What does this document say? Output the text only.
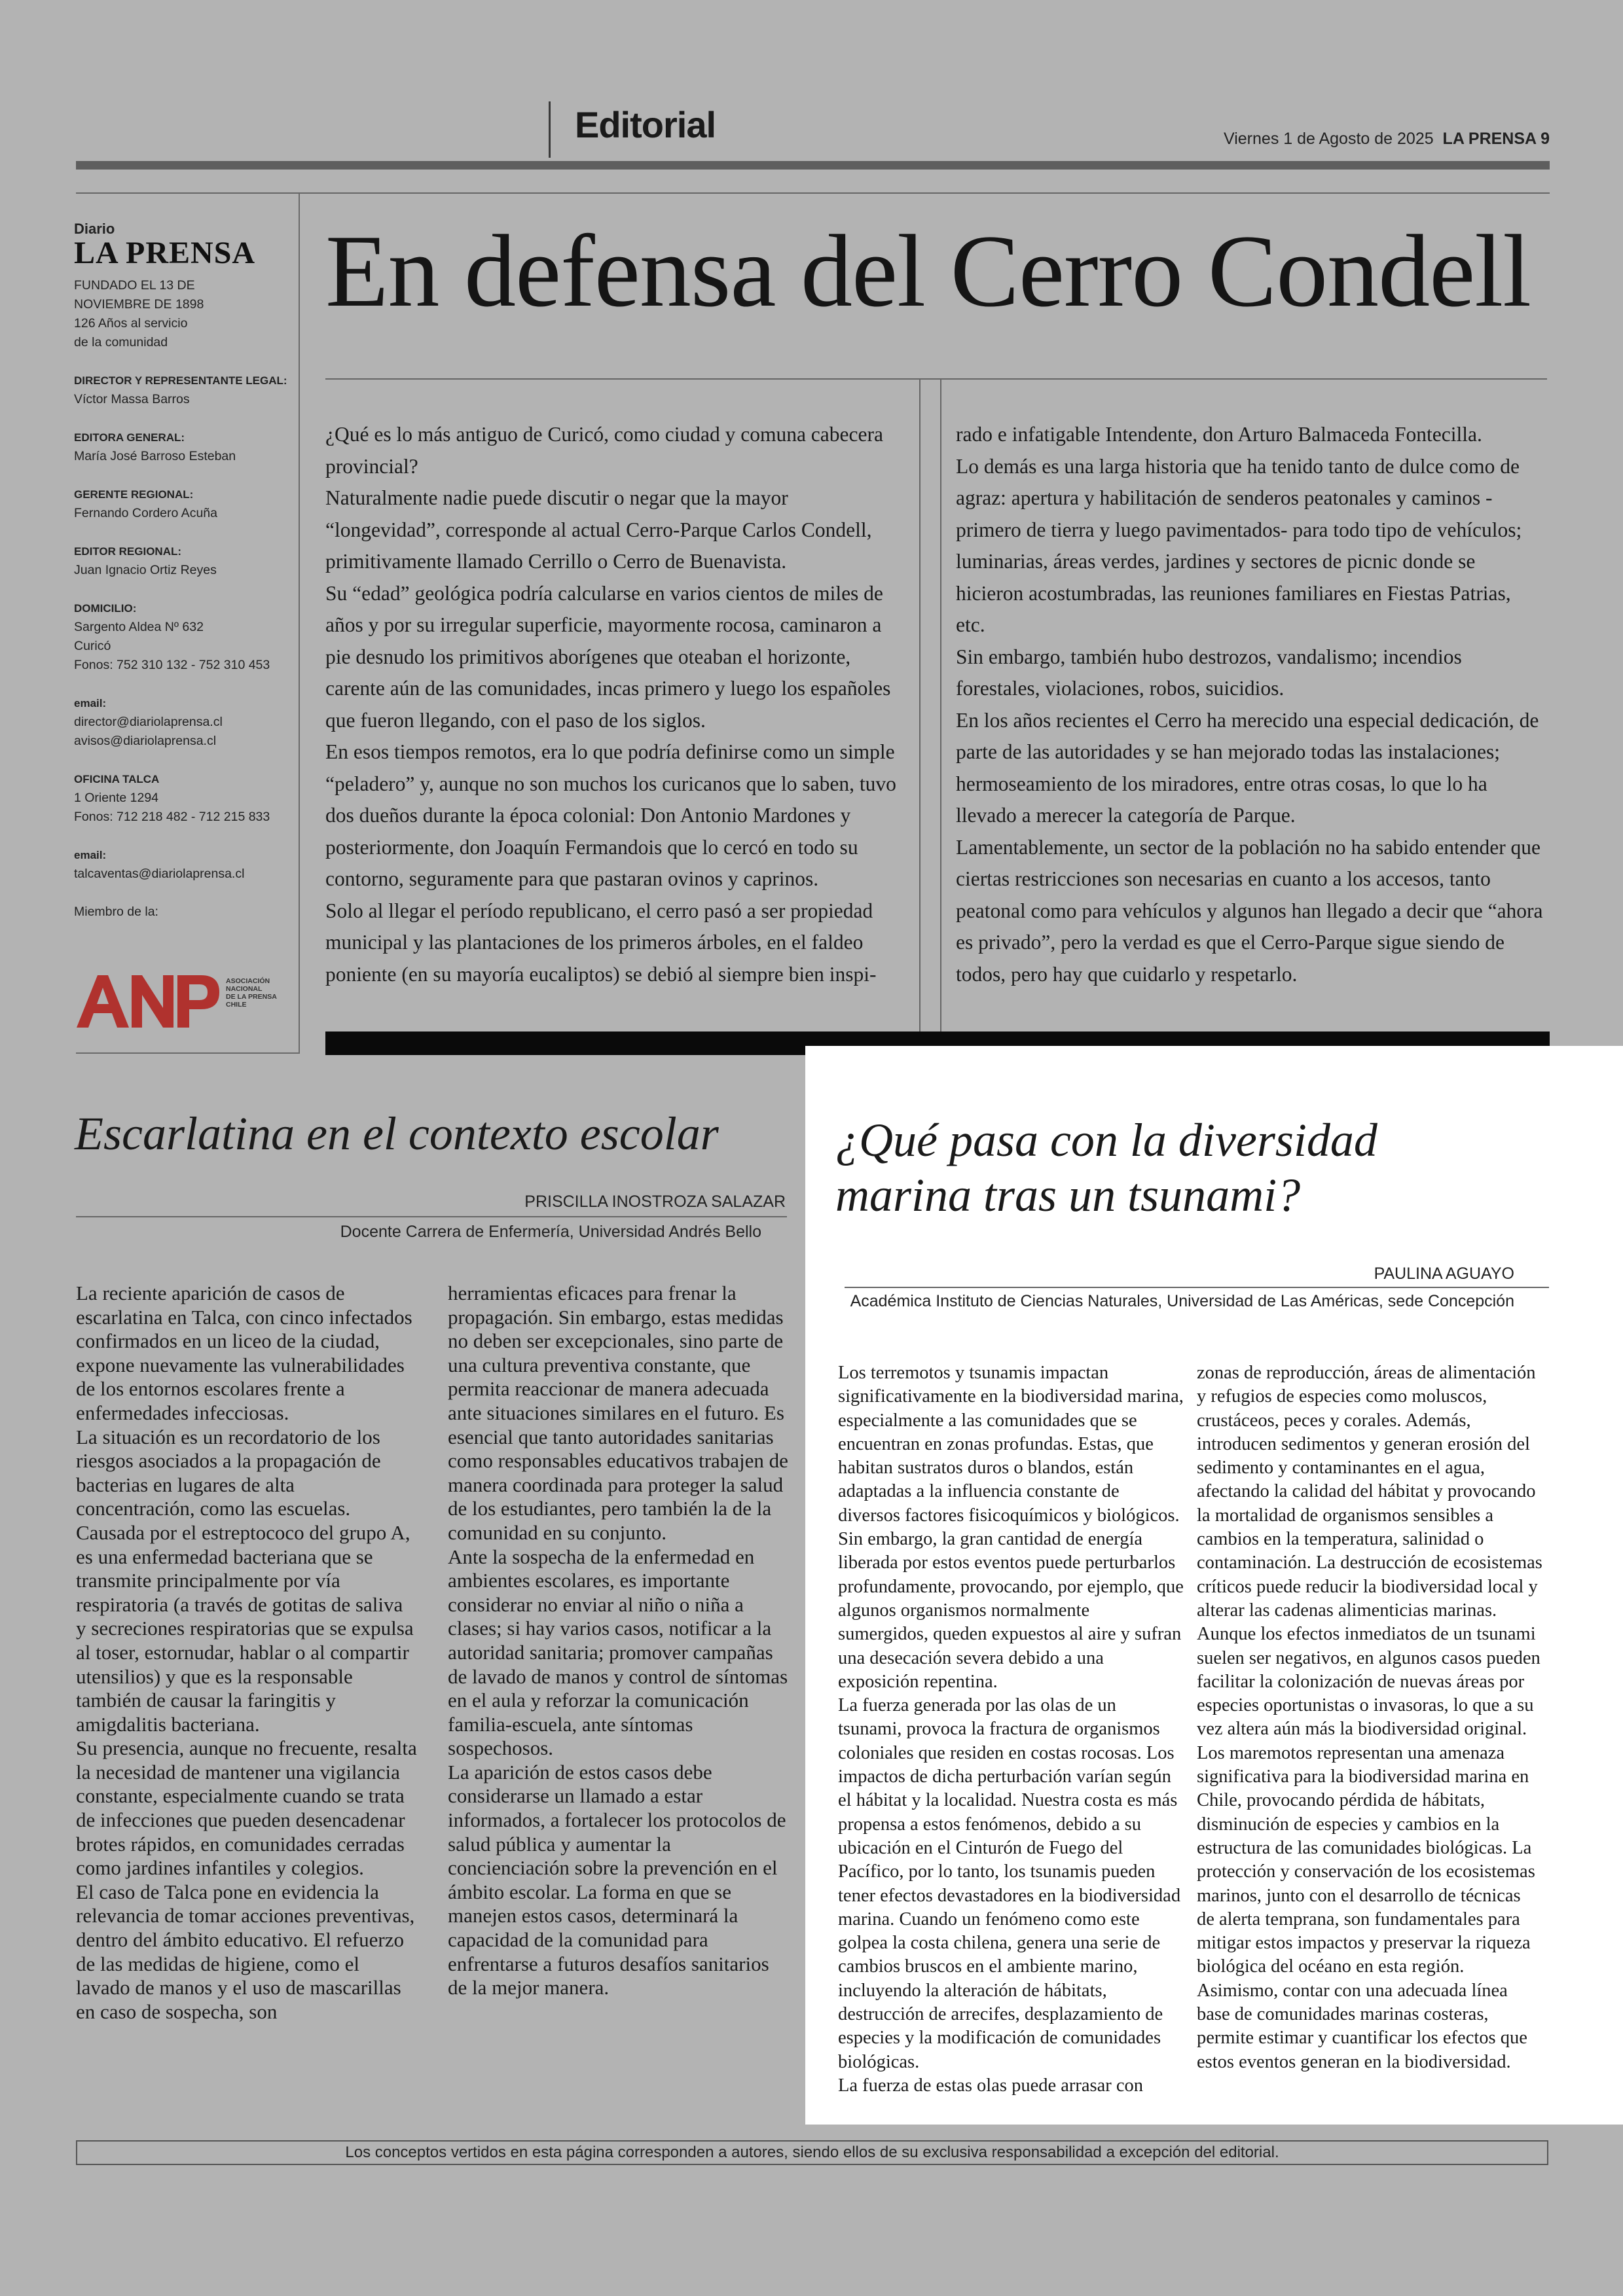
Editorial	Viernes 1 de Agosto de 2025 LA PRENSA 9
Diario
LA PRENSA
FUNDADO EL 13 DE
NOVIEMBRE DE 1898
126 Años al servicio
de la comunidad
DIRECTOR Y REPRESENTANTE LEGAL:
Víctor Massa Barros
EDITORA GENERAL:
María José Barroso Esteban
GERENTE REGIONAL:
Fernando Cordero Acuña
EDITOR REGIONAL:
Juan Ignacio Ortiz Reyes
DOMICILIO:
Sargento Aldea Nº 632
Curicó
Fonos: 752 310 132 - 752 310 453
email:
director@diariolaprensa.cl
avisos@diariolaprensa.cl
OFICINA TALCA
1 Oriente 1294
Fonos: 712 218 482 - 712 215 833
email:
talcaventas@diariolaprensa.cl
Miembro de la:
ASOCIACIÓN
NACIONAL
DE LA PRENSA
CHILE
En defensa del Cerro Condell

¿Qué es lo más antiguo de Curicó, como ciudad y comuna cabecera provincial?

Naturalmente nadie puede discutir o negar que la mayor “longevidad”, corresponde al actual Cerro-Parque Carlos Condell, primitivamente llamado Cerrillo o Cerro de Buenavista.

Su “edad” geológica podría calcularse en varios cientos de miles de años y por su irregular superficie, mayormente rocosa, caminaron a pie desnudo los primitivos aborígenes que oteaban el horizonte, carente aún de las comunidades, incas primero y luego los españoles que fueron llegando, con el paso de los siglos.

En esos tiempos remotos, era lo que podría definirse como un simple “peladero” y, aunque no son muchos los curicanos que lo saben, tuvo dos dueños durante la época colonial: Don Antonio Mardones y posteriormente, don Joaquín Fermandois que lo cercó en todo su contorno, seguramente para que pastaran ovinos y caprinos.

Solo al llegar el período republicano, el cerro pasó a ser propiedad municipal y las plantaciones de los primeros árboles, en el faldeo poniente (en su mayoría eucaliptos) se debió al siempre bien inspi-

rado e infatigable Intendente, don Arturo Balmaceda Fontecilla.

Lo demás es una larga historia que ha tenido tanto de dulce como de agraz: apertura y habilitación de senderos peatonales y caminos -primero de tierra y luego pavimentados- para todo tipo de vehículos; luminarias, áreas verdes, jardines y sectores de picnic donde se hicieron acostumbradas, las reuniones familiares en Fiestas Patrias, etc.

Sin embargo, también hubo destrozos, vandalismo; incendios forestales, violaciones, robos, suicidios.

En los años recientes el Cerro ha merecido una especial dedicación, de parte de las autoridades y se han mejorado todas las instalaciones; hermoseamiento de los miradores, entre otras cosas, lo que lo ha llevado a merecer la categoría de Parque.

Lamentablemente, un sector de la población no ha sabido entender que ciertas restricciones son necesarias en cuanto a los accesos, tanto peatonal como para vehículos y algunos han llegado a decir que “ahora es privado”, pero la verdad es que el Cerro-Parque sigue siendo de todos, pero hay que cuidarlo y respetarlo.

Escarlatina en el contexto escolar
PRISCILLA INOSTROZA SALAZAR
Docente Carrera de Enfermería, Universidad Andrés Bello

La reciente aparición de casos de escarlatina en Talca, con cinco infectados confirmados en un liceo de la ciudad, expone nuevamente las vulnerabilidades de los entornos escolares frente a enfermedades infecciosas.

La situación es un recordatorio de los riesgos asociados a la propagación de bacterias en lugares de alta concentración, como las escuelas.

Causada por el estreptococo del grupo A, es una enfermedad bacteriana que se transmite principalmente por vía respiratoria (a través de gotitas de saliva y secreciones respiratorias que se expulsa al toser, estornudar, hablar o al compartir utensilios) y que es la responsable también de causar la faringitis y amigdalitis bacteriana.

Su presencia, aunque no frecuente, resalta la necesidad de mantener una vigilancia constante, especialmente cuando se trata de infecciones que pueden desencadenar brotes rápidos, en comunidades cerradas como jardines infantiles y colegios.

El caso de Talca pone en evidencia la relevancia de tomar acciones preventivas, dentro del ámbito educativo. El refuerzo de las medidas de higiene, como el lavado de manos y el uso de mascarillas en caso de sospecha, son

herramientas eficaces para frenar la propagación. Sin embargo, estas medidas no deben ser excepcionales, sino parte de una cultura preventiva constante, que permita reaccionar de manera adecuada ante situaciones similares en el futuro. Es esencial que tanto autoridades sanitarias como responsables educativos trabajen de manera coordinada para proteger la salud de los estudiantes, pero también la de la comunidad en su conjunto.

Ante la sospecha de la enfermedad en ambientes escolares, es importante considerar no enviar al niño o niña a clases; si hay varios casos, notificar a la autoridad sanitaria; promover campañas de lavado de manos y control de síntomas en el aula y reforzar la comunicación familia-escuela, ante síntomas sospechosos.

La aparición de estos casos debe considerarse un llamado a estar informados, a fortalecer los protocolos de salud pública y aumentar la concienciación sobre la prevención en el ámbito escolar. La forma en que se manejen estos casos, determinará la capacidad de la comunidad para enfrentarse a futuros desafíos sanitarios de la mejor manera.

¿Qué pasa con la diversidad marina tras un tsunami?
PAULINA AGUAYO
Académica Instituto de Ciencias Naturales, Universidad de Las Américas, sede Concepción

Los terremotos y tsunamis impactan significativamente en la biodiversidad marina, especialmente a las comunidades que se encuentran en zonas profundas. Estas, que habitan sustratos duros o blandos, están adaptadas a la influencia constante de diversos factores fisicoquímicos y biológicos. Sin embargo, la gran cantidad de energía liberada por estos eventos puede perturbarlos profundamente, provocando, por ejemplo, que algunos organismos normalmente sumergidos, queden expuestos al aire y sufran una desecación severa debido a una exposición repentina.

La fuerza generada por las olas de un tsunami, provoca la fractura de organismos coloniales que residen en costas rocosas. Los impactos de dicha perturbación varían según el hábitat y la localidad. Nuestra costa es más propensa a estos fenómenos, debido a su ubicación en el Cinturón de Fuego del Pacífico, por lo tanto, los tsunamis pueden tener efectos devastadores en la biodiversidad marina. Cuando un fenómeno como este golpea la costa chilena, genera una serie de cambios bruscos en el ambiente marino, incluyendo la alteración de hábitats, destrucción de arrecifes, desplazamiento de especies y la modificación de comunidades biológicas.

La fuerza de estas olas puede arrasar con

zonas de reproducción, áreas de alimentación y refugios de especies como moluscos, crustáceos, peces y corales. Además, introducen sedimentos y generan erosión del sedimento y contaminantes en el agua, afectando la calidad del hábitat y provocando la mortalidad de organismos sensibles a cambios en la temperatura, salinidad o contaminación. La destrucción de ecosistemas críticos puede reducir la biodiversidad local y alterar las cadenas alimenticias marinas.

Aunque los efectos inmediatos de un tsunami suelen ser negativos, en algunos casos pueden facilitar la colonización de nuevas áreas por especies oportunistas o invasoras, lo que a su vez altera aún más la biodiversidad original.

Los maremotos representan una amenaza significativa para la biodiversidad marina en Chile, provocando pérdida de hábitats, disminución de especies y cambios en la estructura de las comunidades biológicas. La protección y conservación de los ecosistemas marinos, junto con el desarrollo de técnicas de alerta temprana, son fundamentales para mitigar estos impactos y preservar la riqueza biológica del océano en esta región. Asimismo, contar con una adecuada línea base de comunidades marinas costeras, permite estimar y cuantificar los efectos que estos eventos generan en la biodiversidad.

Los conceptos vertidos en esta página corresponden a autores, siendo ellos de su exclusiva responsabilidad a excepción del editorial.
